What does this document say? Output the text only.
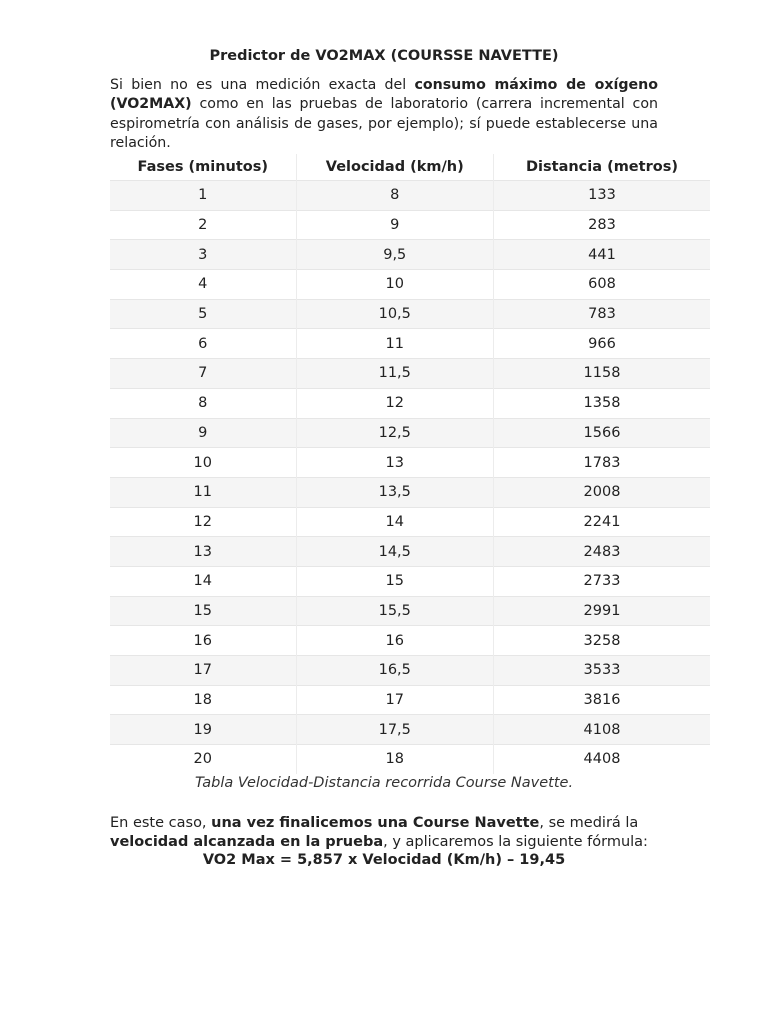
Predictor de VO2MAX (COURSSE NAVETTE)

Si bien no es una medición exacta del consumo máximo de oxígeno (VO2MAX) como en las pruebas de laboratorio (carrera incremental con espirometría con análisis de gases, por ejemplo); sí puede establecerse una relación.

Fases (minutos)	Velocidad (km/h)	Distancia (metros)
1	8	133
2	9	283
3	9,5	441
4	10	608
5	10,5	783
6	11	966
7	11,5	1158
8	12	1358
9	12,5	1566
10	13	1783
11	13,5	2008
12	14	2241
13	14,5	2483
14	15	2733
15	15,5	2991
16	16	3258
17	16,5	3533
18	17	3816
19	17,5	4108
20	18	4408
Tabla Velocidad-Distancia recorrida Course Navette.

En este caso, una vez finalicemos una Course Navette, se medirá la velocidad alcanzada en la prueba, y aplicaremos la siguiente fórmula:

VO2 Max = 5,857 x Velocidad (Km/h) – 19,45
